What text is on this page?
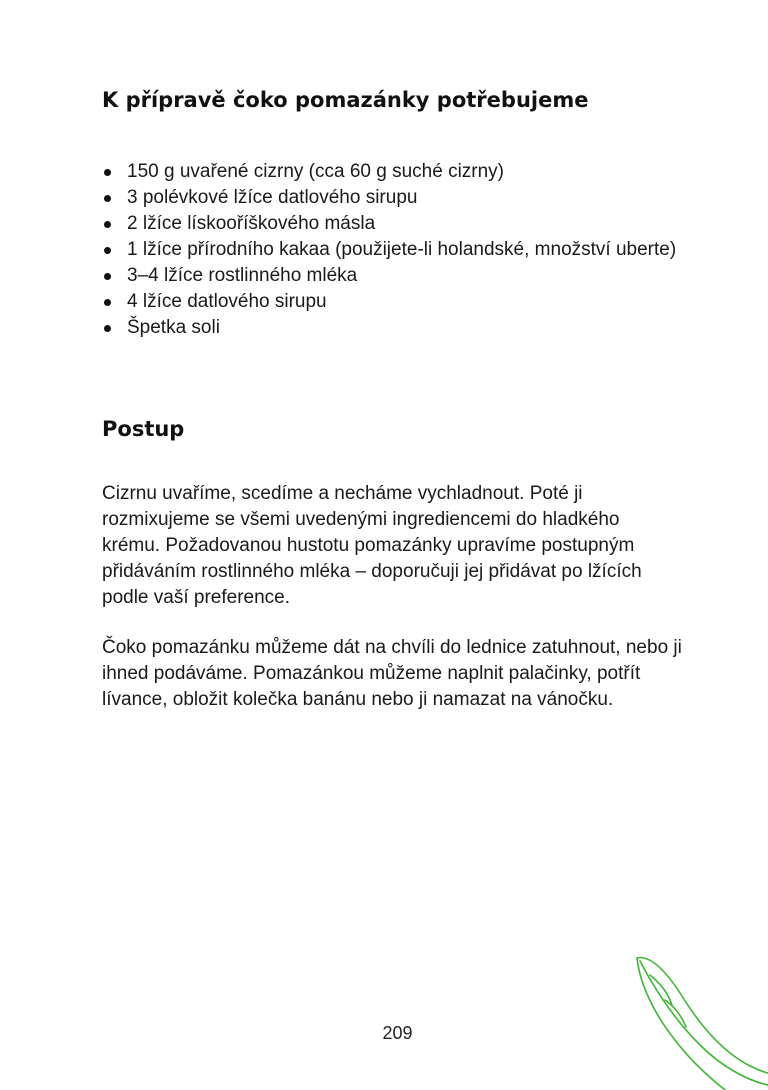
K přípravě čoko pomazánky potřebujeme
150 g uvařené cizrny (cca 60 g suché cizrny)
3 polévkové lžíce datlového sirupu
2 lžíce lískooříškového másla
1 lžíce přírodního kakaa (použijete-li holandské, množství uberte)
3–4 lžíce rostlinného mléka
4 lžíce datlového sirupu
Špetka soli
Postup

Cizrnu uvaříme, scedíme a necháme vychladnout. Poté ji rozmixujeme se všemi uvedenými ingrediencemi do hladkého krému. Požadovanou hustotu pomazánky upravíme postupným přidáváním rostlinného mléka – doporučuji jej přidávat po lžících podle vaší preference.

Čoko pomazánku můžeme dát na chvíli do lednice zatuhnout, nebo ji ihned podáváme. Pomazánkou můžeme naplnit palačinky, potřít lívance, obložit kolečka banánu nebo ji namazat na vánočku.

209
